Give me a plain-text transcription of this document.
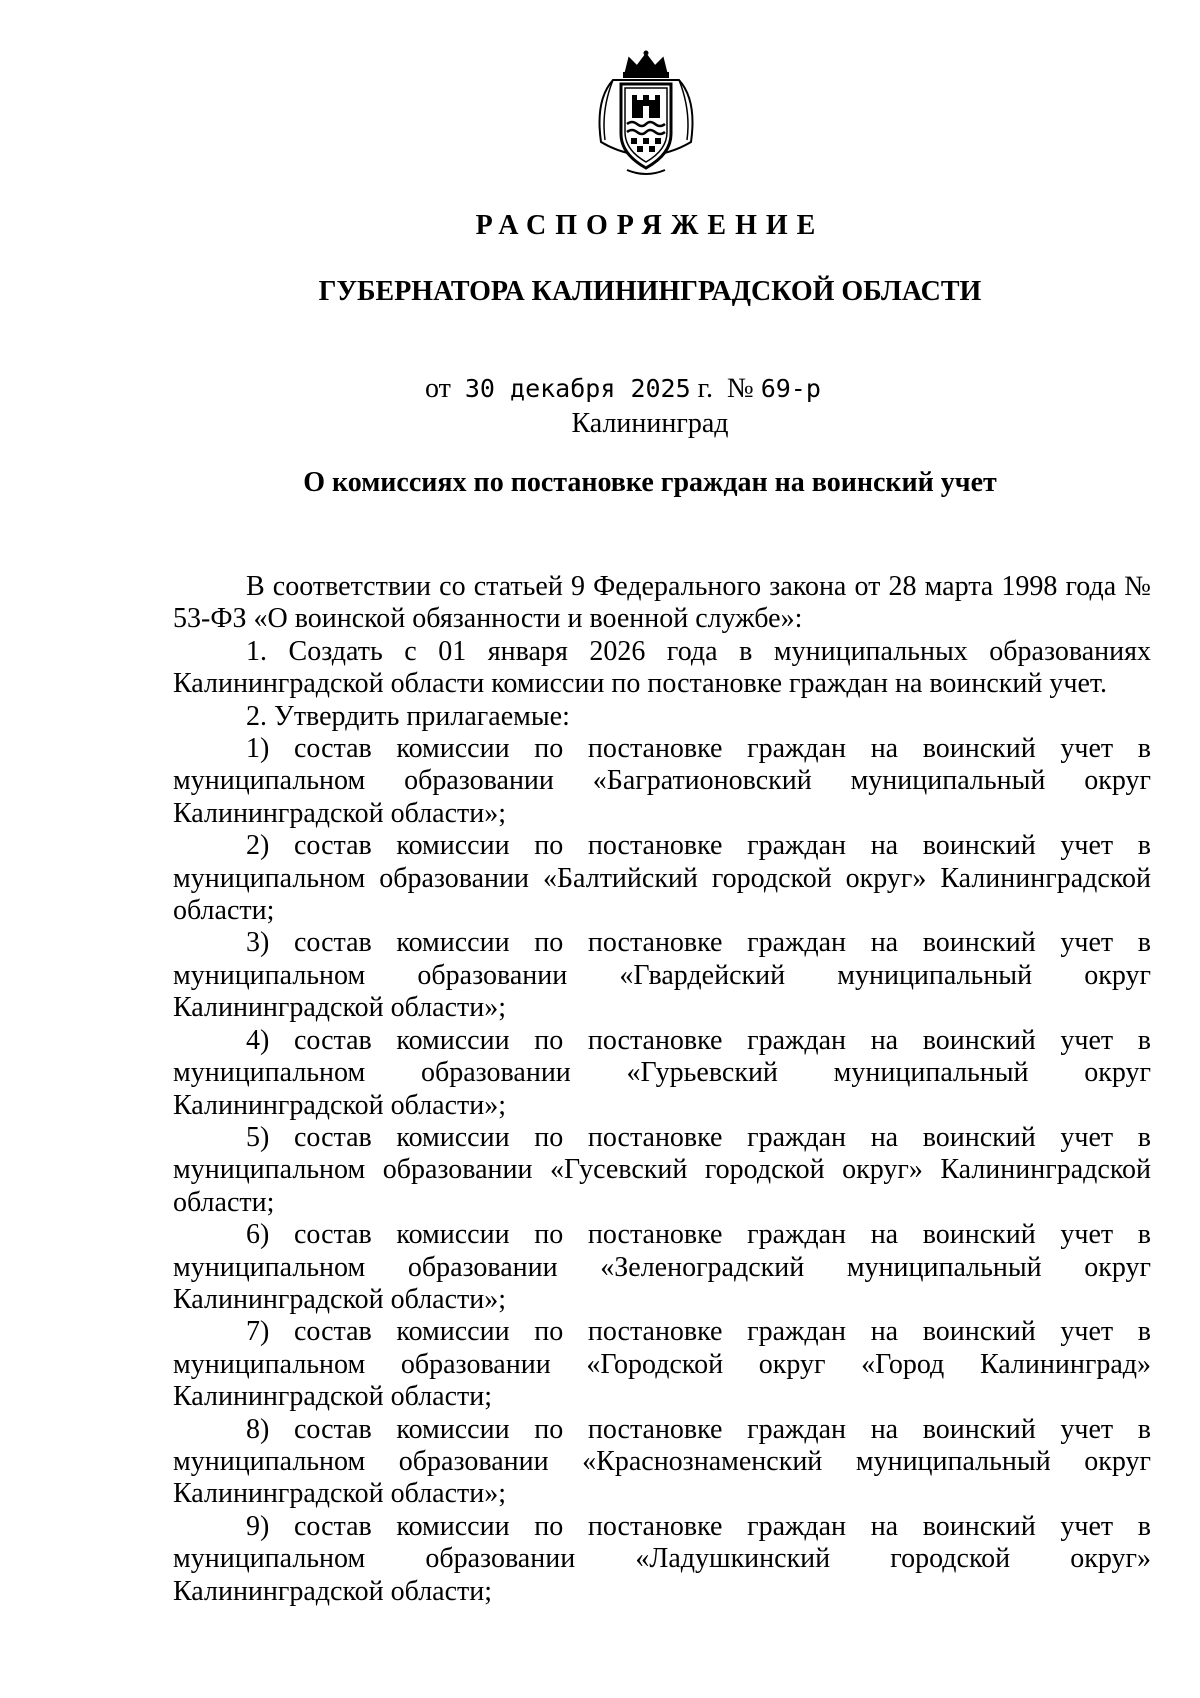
РАСПОРЯЖЕНИЕ
ГУБЕРНАТОРА КАЛИНИНГРАДСКОЙ ОБЛАСТИ
от 30 декабря 2025 г. № 69-р
Калининград
О комиссиях по постановке граждан на воинский учет

В соответствии со статьей 9 Федерального закона от 28 марта 1998 года № 53-ФЗ «О воинской обязанности и военной службе»:

1. Создать с 01 января 2026 года в муниципальных образованиях Калининградской области комиссии по постановке граждан на воинский учет.

2. Утвердить прилагаемые:

1) состав комиссии по постановке граждан на воинский учет в муниципальном образовании «Багратионовский муниципальный округ Калининградской области»;

2) состав комиссии по постановке граждан на воинский учет в муниципальном образовании «Балтийский городской округ» Калининградской области;

3) состав комиссии по постановке граждан на воинский учет в муниципальном образовании «Гвардейский муниципальный округ Калининградской области»;

4) состав комиссии по постановке граждан на воинский учет в муниципальном образовании «Гурьевский муниципальный округ Калининградской области»;

5) состав комиссии по постановке граждан на воинский учет в муниципальном образовании «Гусевский городской округ» Калининградской области;

6) состав комиссии по постановке граждан на воинский учет в муниципальном образовании «Зеленоградский муниципальный округ Калининградской области»;

7) состав комиссии по постановке граждан на воинский учет в муниципальном образовании «Городской округ «Город Калининград» Калининградской области;

8) состав комиссии по постановке граждан на воинский учет в муниципальном образовании «Краснознаменский муниципальный округ Калининградской области»;

9) состав комиссии по постановке граждан на воинский учет в муниципальном образовании «Ладушкинский городской округ» Калининградской области;
